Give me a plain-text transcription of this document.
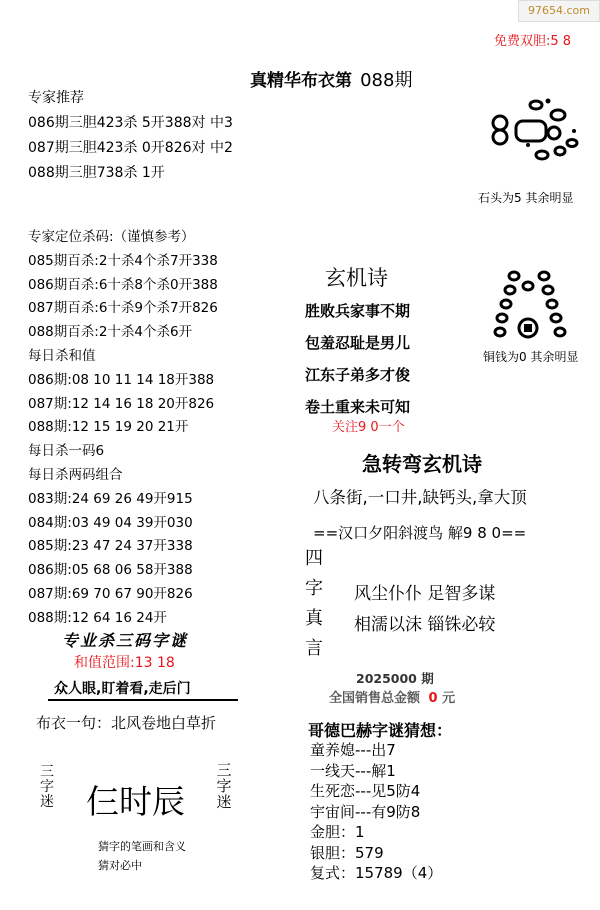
97654.com
免费双胆:5 8
真精华布衣第 088期
专家推荐
086期三胆423杀 5开388对 中3
087期三胆423杀 0开826对 中2
088期三胆738杀 1开
石头为5 其余明显
专家定位杀码:（谨慎参考）
085期百杀:2十杀4个杀7开338
086期百杀:6十杀8个杀0开388
087期百杀:6十杀9个杀7开826
088期百杀:2十杀4个杀6开
每日杀和值
086期:08 10 11 14 18开388
087期:12 14 16 18 20开826
088期:12 15 19 20 21开
每日杀一码6
每日杀两码组合
083期:24 69 26 49开915
084期:03 49 04 39开030
085期:23 47 24 37开338
086期:05 68 06 58开388
087期:69 70 67 90开826
088期:12 64 16 24开
专业杀三码字谜
和值范围:13 18
众人眼,盯着看,走后门
布衣一句：北风卷地白草折
三字迷 仨时辰
三字迷
猜字的笔画和含义
猜对必中
玄机诗
胜败兵家事不期
包羞忍耻是男儿
江东子弟多才俊
卷土重来未可知
关注9 0一个
铜钱为0 其余明显
急转弯玄机诗
八条街,一口井,缺钙头,拿大顶
==汉口夕阳斜渡鸟 解9 8 0==
四
字
真
言
风尘仆仆 足智多谋
相濡以沫 锱铢必较
2025000 期
全国销售总金额 0 元
哥德巴赫字谜猜想：
童养媳---出7
一线天---解1
生死恋---见5防4
宇宙间---有9防8
金胆：1
银胆：579
复式：15789（4）
